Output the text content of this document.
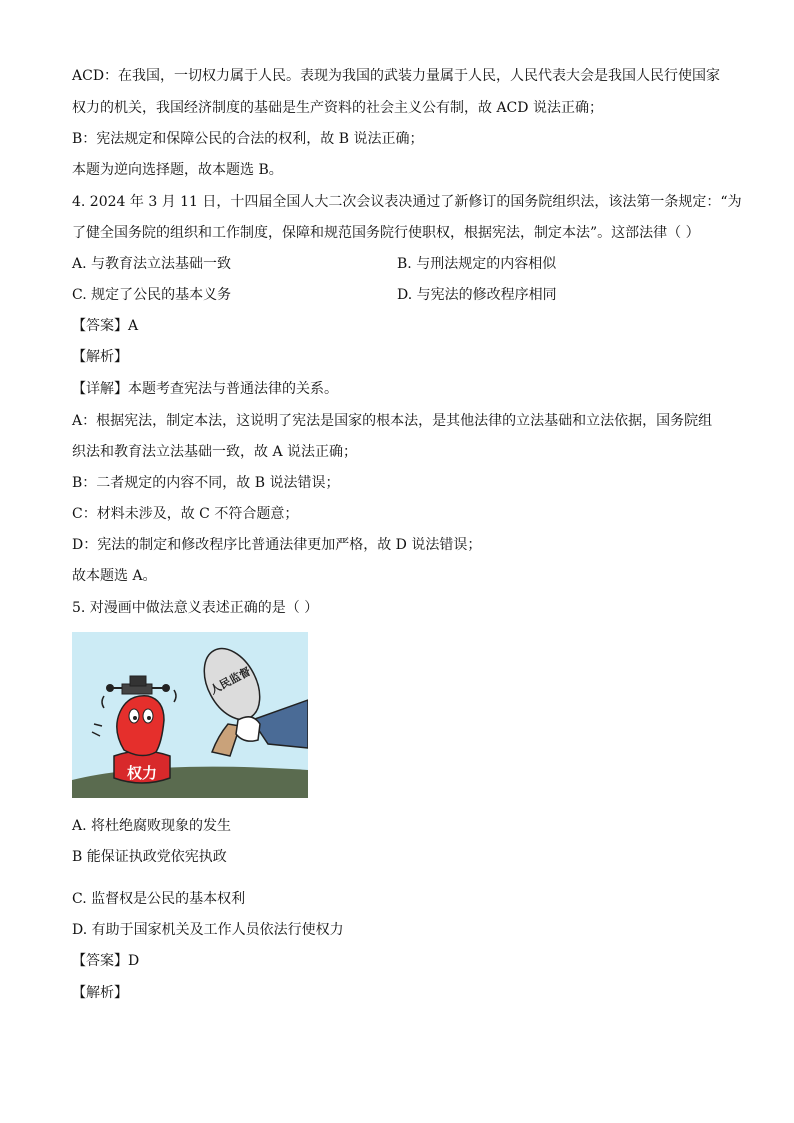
ACD：在我国，一切权力属于人民。表现为我国的武装力量属于人民，人民代表大会是我国人民行使国家
权力的机关，我国经济制度的基础是生产资料的社会主义公有制，故 ACD 说法正确；
B：宪法规定和保障公民的合法的权利，故 B 说法正确；
本题为逆向选择题，故本题选 B。
4. 2024 年 3 月 11 日，十四届全国人大二次会议表决通过了新修订的国务院组织法，该法第一条规定：“为
了健全国务院的组织和工作制度，保障和规范国务院行使职权，根据宪法，制定本法”。这部法律（ ）
A. 与教育法立法基础一致	B. 与刑法规定的内容相似
C. 规定了公民的基本义务	D. 与宪法的修改程序相同
【答案】A
【解析】
【详解】本题考查宪法与普通法律的关系。
A：根据宪法，制定本法，这说明了宪法是国家的根本法，是其他法律的立法基础和立法依据，国务院组
织法和教育法立法基础一致，故 A 说法正确；
B：二者规定的内容不同，故 B 说法错误；
C：材料未涉及，故 C 不符合题意；
D：宪法的制定和修改程序比普通法律更加严格，故 D 说法错误；
故本题选 A。
5. 对漫画中做法意义表述正确的是（ ）
权力
人民监督
A. 将杜绝腐败现象的发生
B 能保证执政党依宪执政
C. 监督权是公民的基本权利
D. 有助于国家机关及工作人员依法行使权力
【答案】D
【解析】
